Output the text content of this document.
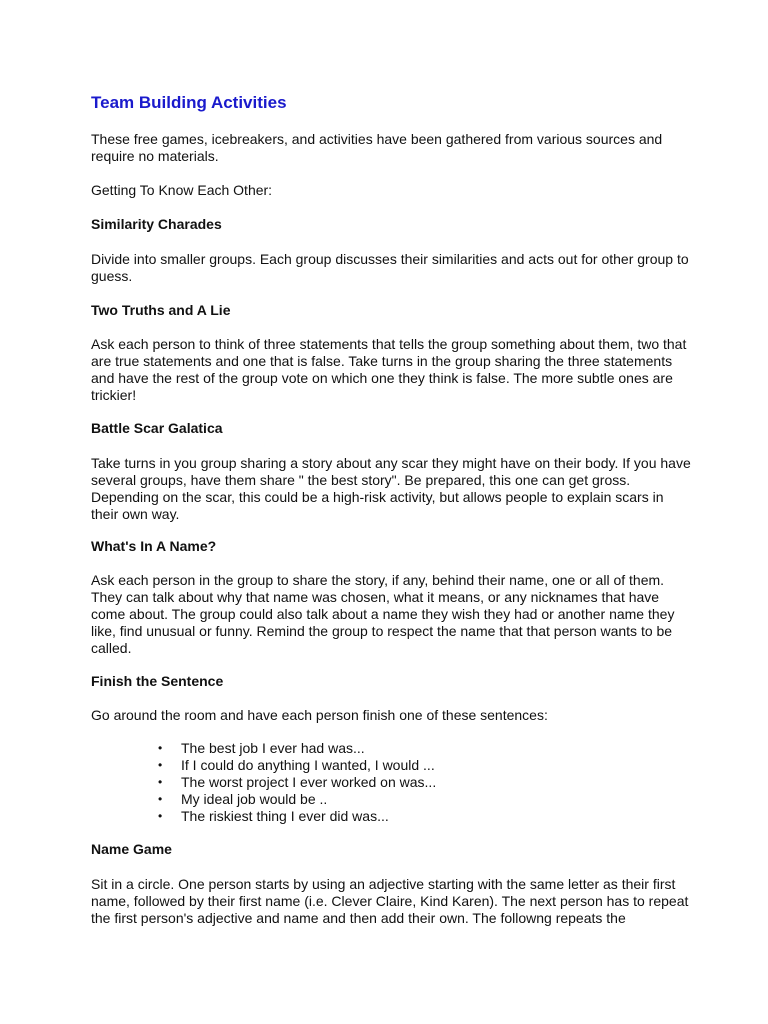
Team Building Activities

These free games, icebreakers, and activities have been gathered from various sources and require no materials.

Getting To Know Each Other:

Similarity Charades

Divide into smaller groups. Each group discusses their similarities and acts out for other group to guess.

Two Truths and A Lie

Ask each person to think of three statements that tells the group something about them, two that are true statements and one that is false. Take turns in the group sharing the three statements and have the rest of the group vote on which one they think is false. The more subtle ones are trickier!

Battle Scar Galatica

Take turns in you group sharing a story about any scar they might have on their body. If you have several groups, have them share " the best story". Be prepared, this one can get gross. Depending on the scar, this could be a high-risk activity, but allows people to explain scars in their own way.

What's In A Name?

Ask each person in the group to share the story, if any, behind their name, one or all of them. They can talk about why that name was chosen, what it means, or any nicknames that have come about. The group could also talk about a name they wish they had or another name they like, find unusual or funny. Remind the group to respect the name that that person wants to be called.

Finish the Sentence

Go around the room and have each person finish one of these sentences:

• The best job I ever had was...
• If I could do anything I wanted, I would ...
• The worst project I ever worked on was...
• My ideal job would be ..
• The riskiest thing I ever did was...
Name Game

Sit in a circle. One person starts by using an adjective starting with the same letter as their first name, followed by their first name (i.e. Clever Claire, Kind Karen). The next person has to repeat the first person's adjective and name and then add their own. The followng repeats the
